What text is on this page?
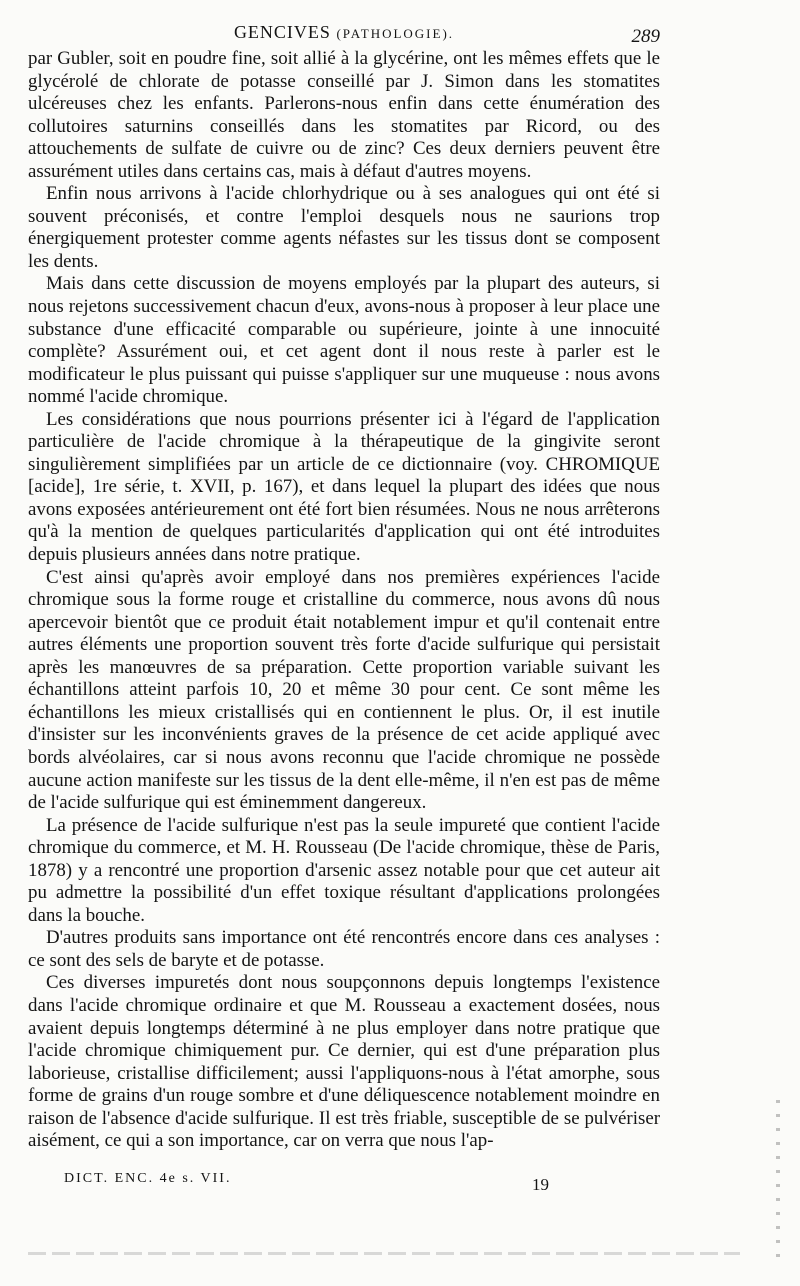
GENCIVES (PATHOLOGIE).	289

par Gubler, soit en poudre fine, soit allié à la glycérine, ont les mêmes effets que le glycérolé de chlorate de potasse conseillé par J. Simon dans les stomatites ulcéreuses chez les enfants. Parlerons-nous enfin dans cette énumération des collutoires saturnins conseillés dans les stomatites par Ricord, ou des attouchements de sulfate de cuivre ou de zinc? Ces deux derniers peuvent être assurément utiles dans certains cas, mais à défaut d'autres moyens.

Enfin nous arrivons à l'acide chlorhydrique ou à ses analogues qui ont été si souvent préconisés, et contre l'emploi desquels nous ne saurions trop énergiquement protester comme agents néfastes sur les tissus dont se composent les dents.

Mais dans cette discussion de moyens employés par la plupart des auteurs, si nous rejetons successivement chacun d'eux, avons-nous à proposer à leur place une substance d'une efficacité comparable ou supérieure, jointe à une innocuité complète? Assurément oui, et cet agent dont il nous reste à parler est le modificateur le plus puissant qui puisse s'appliquer sur une muqueuse : nous avons nommé l'acide chromique.

Les considérations que nous pourrions présenter ici à l'égard de l'application particulière de l'acide chromique à la thérapeutique de la gingivite seront singulièrement simplifiées par un article de ce dictionnaire (voy. CHROMIQUE [acide], 1re série, t. XVII, p. 167), et dans lequel la plupart des idées que nous avons exposées antérieurement ont été fort bien résumées. Nous ne nous arrêterons qu'à la mention de quelques particularités d'application qui ont été introduites depuis plusieurs années dans notre pratique.

C'est ainsi qu'après avoir employé dans nos premières expériences l'acide chromique sous la forme rouge et cristalline du commerce, nous avons dû nous apercevoir bientôt que ce produit était notablement impur et qu'il contenait entre autres éléments une proportion souvent très forte d'acide sulfurique qui persistait après les manœuvres de sa préparation. Cette proportion variable suivant les échantillons atteint parfois 10, 20 et même 30 pour cent. Ce sont même les échantillons les mieux cristallisés qui en contiennent le plus. Or, il est inutile d'insister sur les inconvénients graves de la présence de cet acide appliqué avec bords alvéolaires, car si nous avons reconnu que l'acide chromique ne possède aucune action manifeste sur les tissus de la dent elle-même, il n'en est pas de même de l'acide sulfurique qui est éminemment dangereux.

La présence de l'acide sulfurique n'est pas la seule impureté que contient l'acide chromique du commerce, et M. H. Rousseau (De l'acide chromique, thèse de Paris, 1878) y a rencontré une proportion d'arsenic assez notable pour que cet auteur ait pu admettre la possibilité d'un effet toxique résultant d'applications prolongées dans la bouche.

D'autres produits sans importance ont été rencontrés encore dans ces analyses : ce sont des sels de baryte et de potasse.

Ces diverses impuretés dont nous soupçonnons depuis longtemps l'existence dans l'acide chromique ordinaire et que M. Rousseau a exactement dosées, nous avaient depuis longtemps déterminé à ne plus employer dans notre pratique que l'acide chromique chimiquement pur. Ce dernier, qui est d'une préparation plus laborieuse, cristallise difficilement; aussi l'appliquons-nous à l'état amorphe, sous forme de grains d'un rouge sombre et d'une déliquescence notablement moindre en raison de l'absence d'acide sulfurique. Il est très friable, susceptible de se pulvériser aisément, ce qui a son importance, car on verra que nous l'ap-

DICT. ENC. 4e s. VII.	19
